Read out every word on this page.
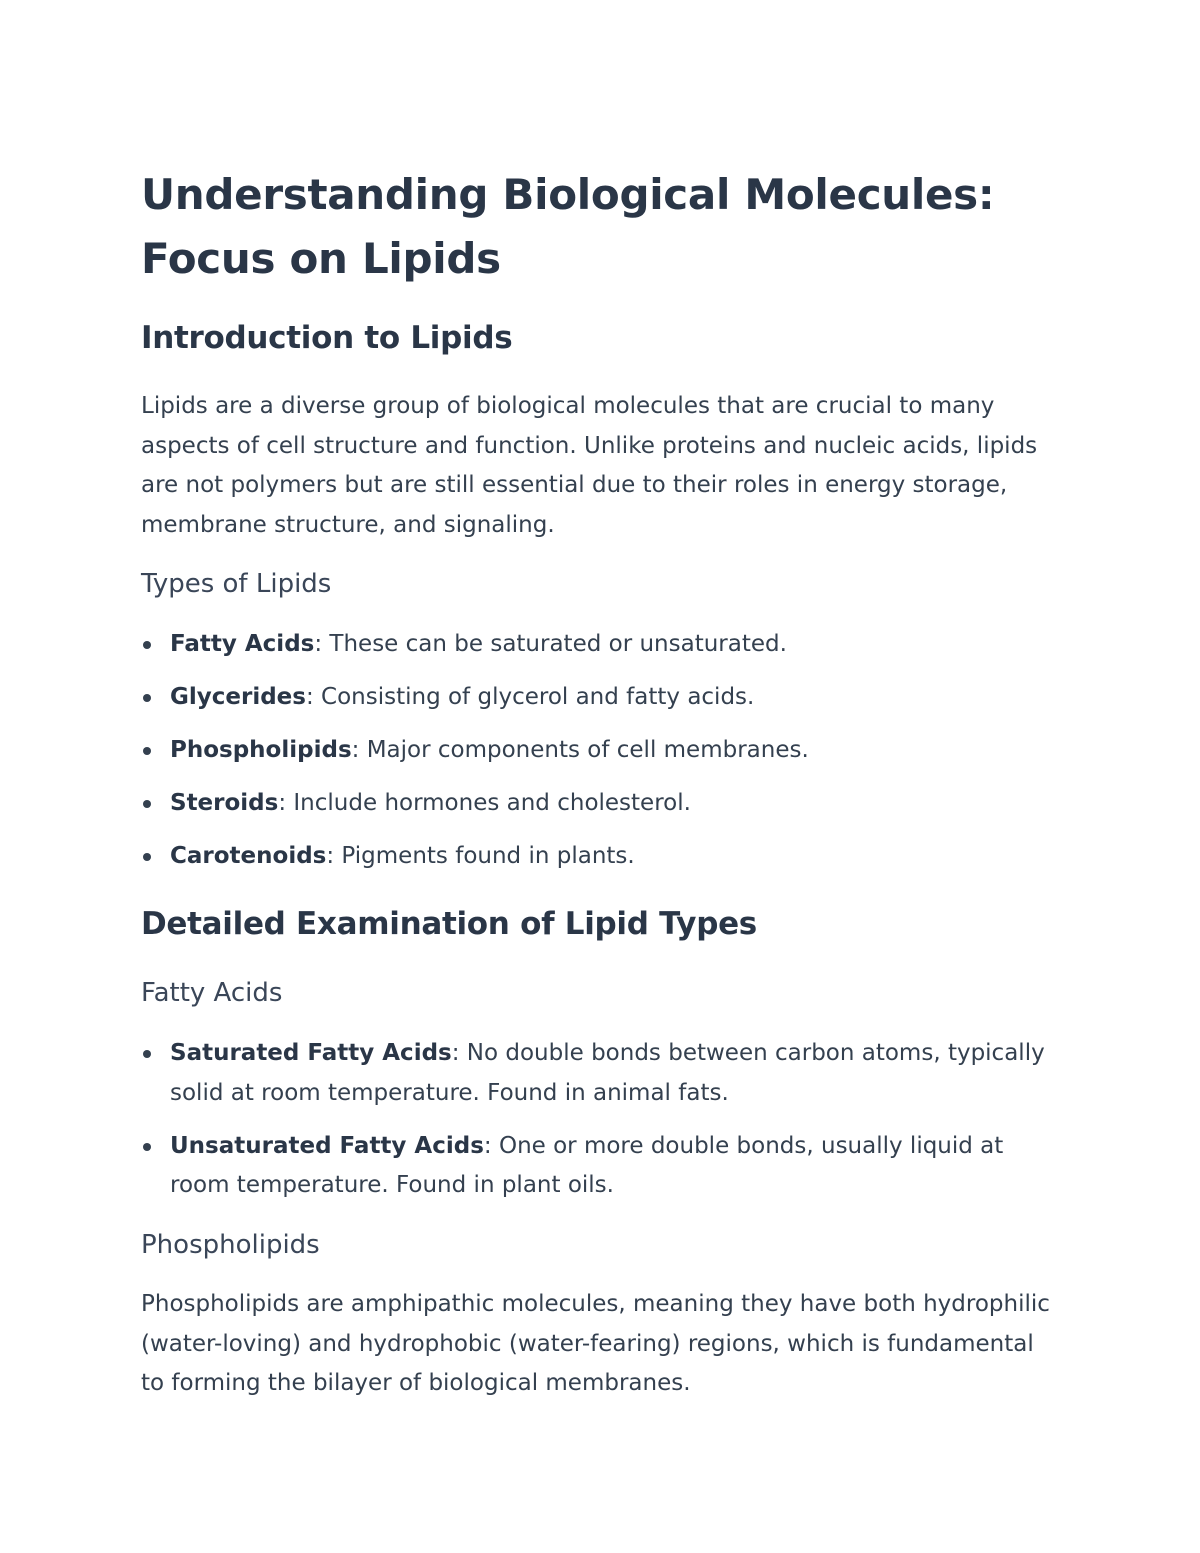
Understanding Biological Molecules: Focus on Lipids
Introduction to Lipids

Lipids are a diverse group of biological molecules that are crucial to many aspects of cell structure and function. Unlike proteins and nucleic acids, lipids are not polymers but are still essential due to their roles in energy storage, membrane structure, and signaling.

Types of Lipids
Fatty Acids: These can be saturated or unsaturated.
Glycerides: Consisting of glycerol and fatty acids.
Phospholipids: Major components of cell membranes.
Steroids: Include hormones and cholesterol.
Carotenoids: Pigments found in plants.
Detailed Examination of Lipid Types
Fatty Acids
Saturated Fatty Acids: No double bonds between carbon atoms, typically solid at room temperature. Found in animal fats.
Unsaturated Fatty Acids: One or more double bonds, usually liquid at room temperature. Found in plant oils.
Phospholipids

Phospholipids are amphipathic molecules, meaning they have both hydrophilic (water-loving) and hydrophobic (water-fearing) regions, which is fundamental to forming the bilayer of biological membranes.
